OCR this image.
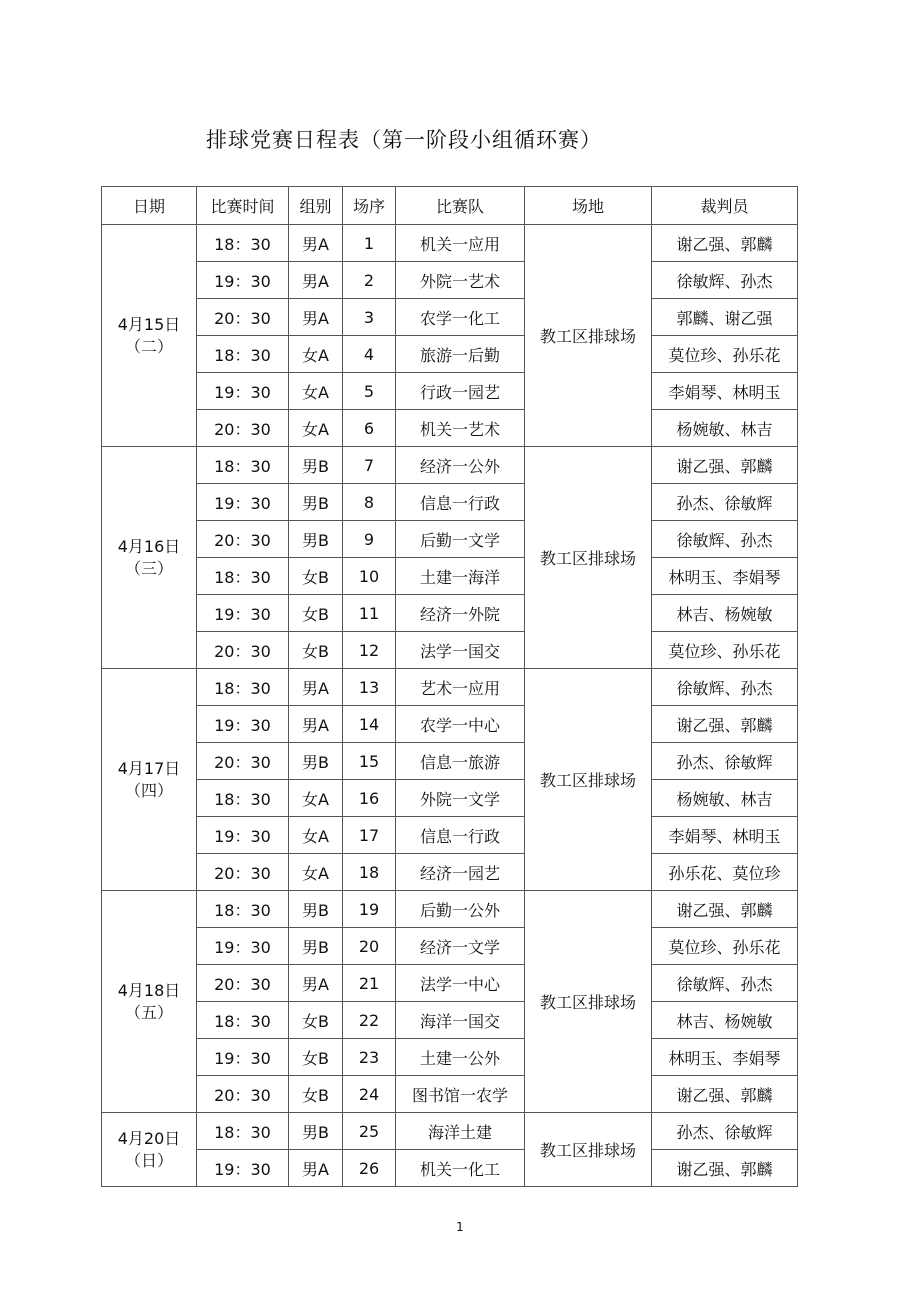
排球党赛日程表（第一阶段小组循环赛）
日期	比赛时间	组别	场序	比赛队	场地	裁判员

4月15日
（二）	18：30	男A	1	机关一应用	教工区排球场	谢乙强、郭麟
	19：30	男A	2	外院一艺术		徐敏辉、孙杰
	20：30	男A	3	农学一化工		郭麟、谢乙强
	18：30	女A	4	旅游一后勤		莫位珍、孙乐花
	19：30	女A	5	行政一园艺		李娟琴、林明玉
	20：30	女A	6	机关一艺术		杨婉敏、林吉

4月16日
（三）	18：30	男B	7	经济一公外	教工区排球场	谢乙强、郭麟
	19：30	男B	8	信息一行政		孙杰、徐敏辉
	20：30	男B	9	后勤一文学		徐敏辉、孙杰
	18：30	女B	10	土建一海洋		林明玉、李娟琴
	19：30	女B	11	经济一外院		林吉、杨婉敏
	20：30	女B	12	法学一国交		莫位珍、孙乐花

4月17日
（四）	18：30	男A	13	艺术一应用	教工区排球场	徐敏辉、孙杰
	19：30	男A	14	农学一中心		谢乙强、郭麟
	20：30	男B	15	信息一旅游		孙杰、徐敏辉
	18：30	女A	16	外院一文学		杨婉敏、林吉
	19：30	女A	17	信息一行政		李娟琴、林明玉
	20：30	女A	18	经济一园艺		孙乐花、莫位珍

4月18日
（五）	18：30	男B	19	后勤一公外	教工区排球场	谢乙强、郭麟
	19：30	男B	20	经济一文学		莫位珍、孙乐花
	20：30	男A	21	法学一中心		徐敏辉、孙杰
	18：30	女B	22	海洋一国交		林吉、杨婉敏
	19：30	女B	23	土建一公外		林明玉、李娟琴
	20：30	女B	24	图书馆一农学		谢乙强、郭麟

4月20日
（日）	18：30	男B	25	海洋土建	教工区排球场	孙杰、徐敏辉
	19：30	男A	26	机关一化工		谢乙强、郭麟
1
